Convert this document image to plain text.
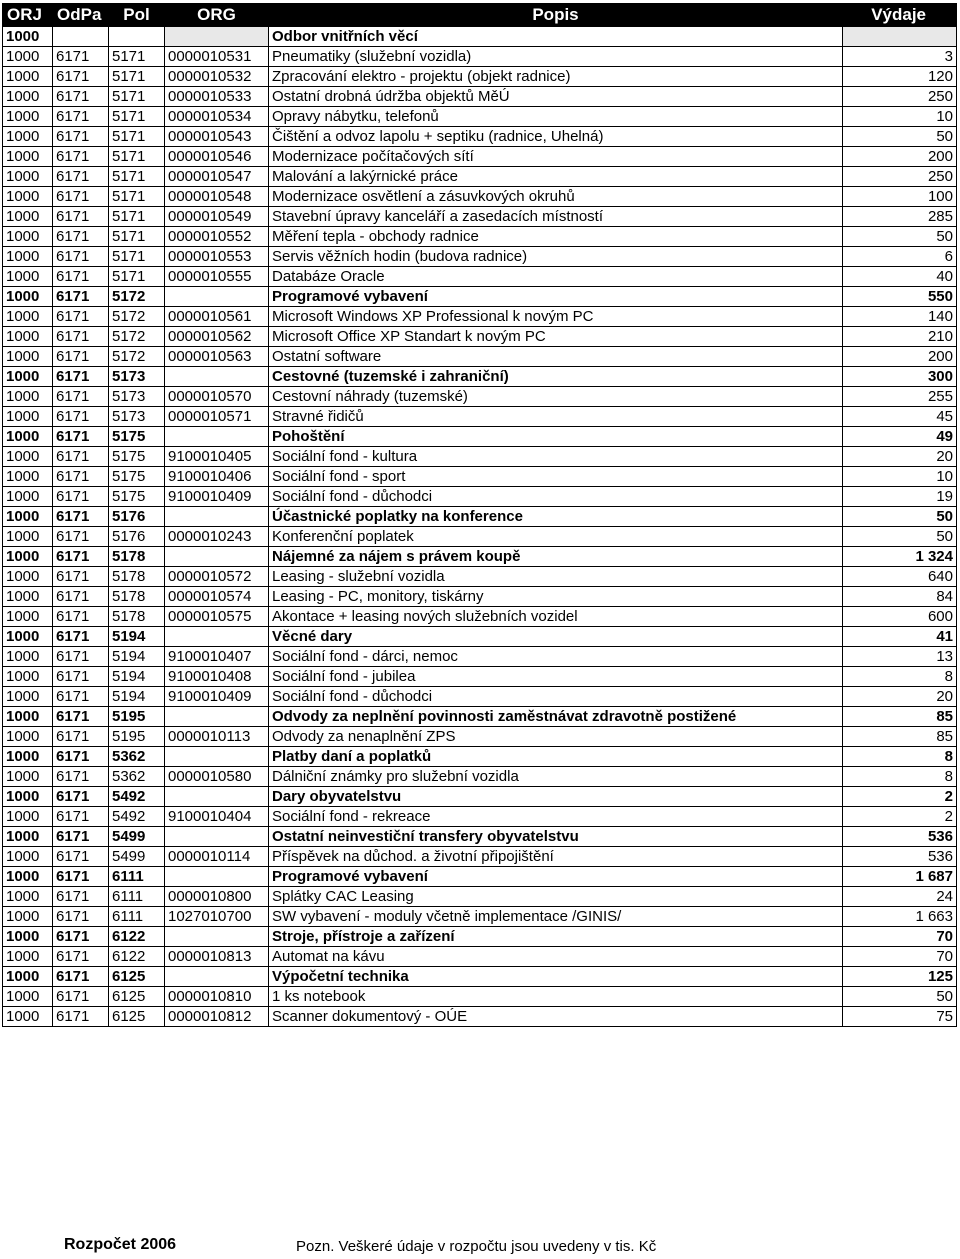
ORJ	OdPa	Pol	ORG	Popis	Výdaje
1000				Odbor vnitřních věcí	
1000	6171	5171	0000010531	Pneumatiky (služební vozidla)	3
1000	6171	5171	0000010532	Zpracování elektro - projektu (objekt radnice)	120
1000	6171	5171	0000010533	Ostatní drobná údržba objektů MěÚ	250
1000	6171	5171	0000010534	Opravy nábytku, telefonů	10
1000	6171	5171	0000010543	Čištění a odvoz lapolu + septiku (radnice, Uhelná)	50
1000	6171	5171	0000010546	Modernizace počítačových sítí	200
1000	6171	5171	0000010547	Malování a lakýrnické práce	250
1000	6171	5171	0000010548	Modernizace osvětlení a zásuvkových okruhů	100
1000	6171	5171	0000010549	Stavební úpravy kanceláří a zasedacích místností	285
1000	6171	5171	0000010552	Měření tepla - obchody radnice	50
1000	6171	5171	0000010553	Servis věžních hodin (budova radnice)	6
1000	6171	5171	0000010555	Databáze Oracle	40
1000	6171	5172		Programové vybavení	550
1000	6171	5172	0000010561	Microsoft Windows XP Professional k novým PC	140
1000	6171	5172	0000010562	Microsoft Office XP Standart k novým PC	210
1000	6171	5172	0000010563	Ostatní software	200
1000	6171	5173		Cestovné (tuzemské i zahraniční)	300
1000	6171	5173	0000010570	Cestovní náhrady (tuzemské)	255
1000	6171	5173	0000010571	Stravné řidičů	45
1000	6171	5175		Pohoštění	49
1000	6171	5175	9100010405	Sociální fond - kultura	20
1000	6171	5175	9100010406	Sociální fond - sport	10
1000	6171	5175	9100010409	Sociální fond - důchodci	19
1000	6171	5176		Účastnické poplatky na konference	50
1000	6171	5176	0000010243	Konferenční poplatek	50
1000	6171	5178		Nájemné za nájem s právem koupě	1 324
1000	6171	5178	0000010572	Leasing - služební vozidla	640
1000	6171	5178	0000010574	Leasing - PC, monitory, tiskárny	84
1000	6171	5178	0000010575	Akontace + leasing nových služebních vozidel	600
1000	6171	5194		Věcné dary	41
1000	6171	5194	9100010407	Sociální fond - dárci, nemoc	13
1000	6171	5194	9100010408	Sociální fond - jubilea	8
1000	6171	5194	9100010409	Sociální fond - důchodci	20
1000	6171	5195		Odvody za neplnění povinnosti zaměstnávat zdravotně postižené	85
1000	6171	5195	0000010113	Odvody za nenaplnění ZPS	85
1000	6171	5362		Platby daní a poplatků	8
1000	6171	5362	0000010580	Dálniční známky pro služební vozidla	8
1000	6171	5492		Dary obyvatelstvu	2
1000	6171	5492	9100010404	Sociální fond - rekreace	2
1000	6171	5499		Ostatní neinvestiční transfery obyvatelstvu	536
1000	6171	5499	0000010114	Příspěvek na důchod. a životní připojištění	536
1000	6171	6111		Programové vybavení	1 687
1000	6171	6111	0000010800	Splátky CAC Leasing	24
1000	6171	6111	1027010700	SW vybavení - moduly včetně implementace /GINIS/	1 663
1000	6171	6122		Stroje, přístroje a zařízení	70
1000	6171	6122	0000010813	Automat na kávu	70
1000	6171	6125		Výpočetní technika	125
1000	6171	6125	0000010810	1 ks notebook	50
1000	6171	6125	0000010812	Scanner dokumentový - OÚE	75
Rozpočet 2006	Pozn. Veškeré údaje v rozpočtu jsou uvedeny v tis. Kč
